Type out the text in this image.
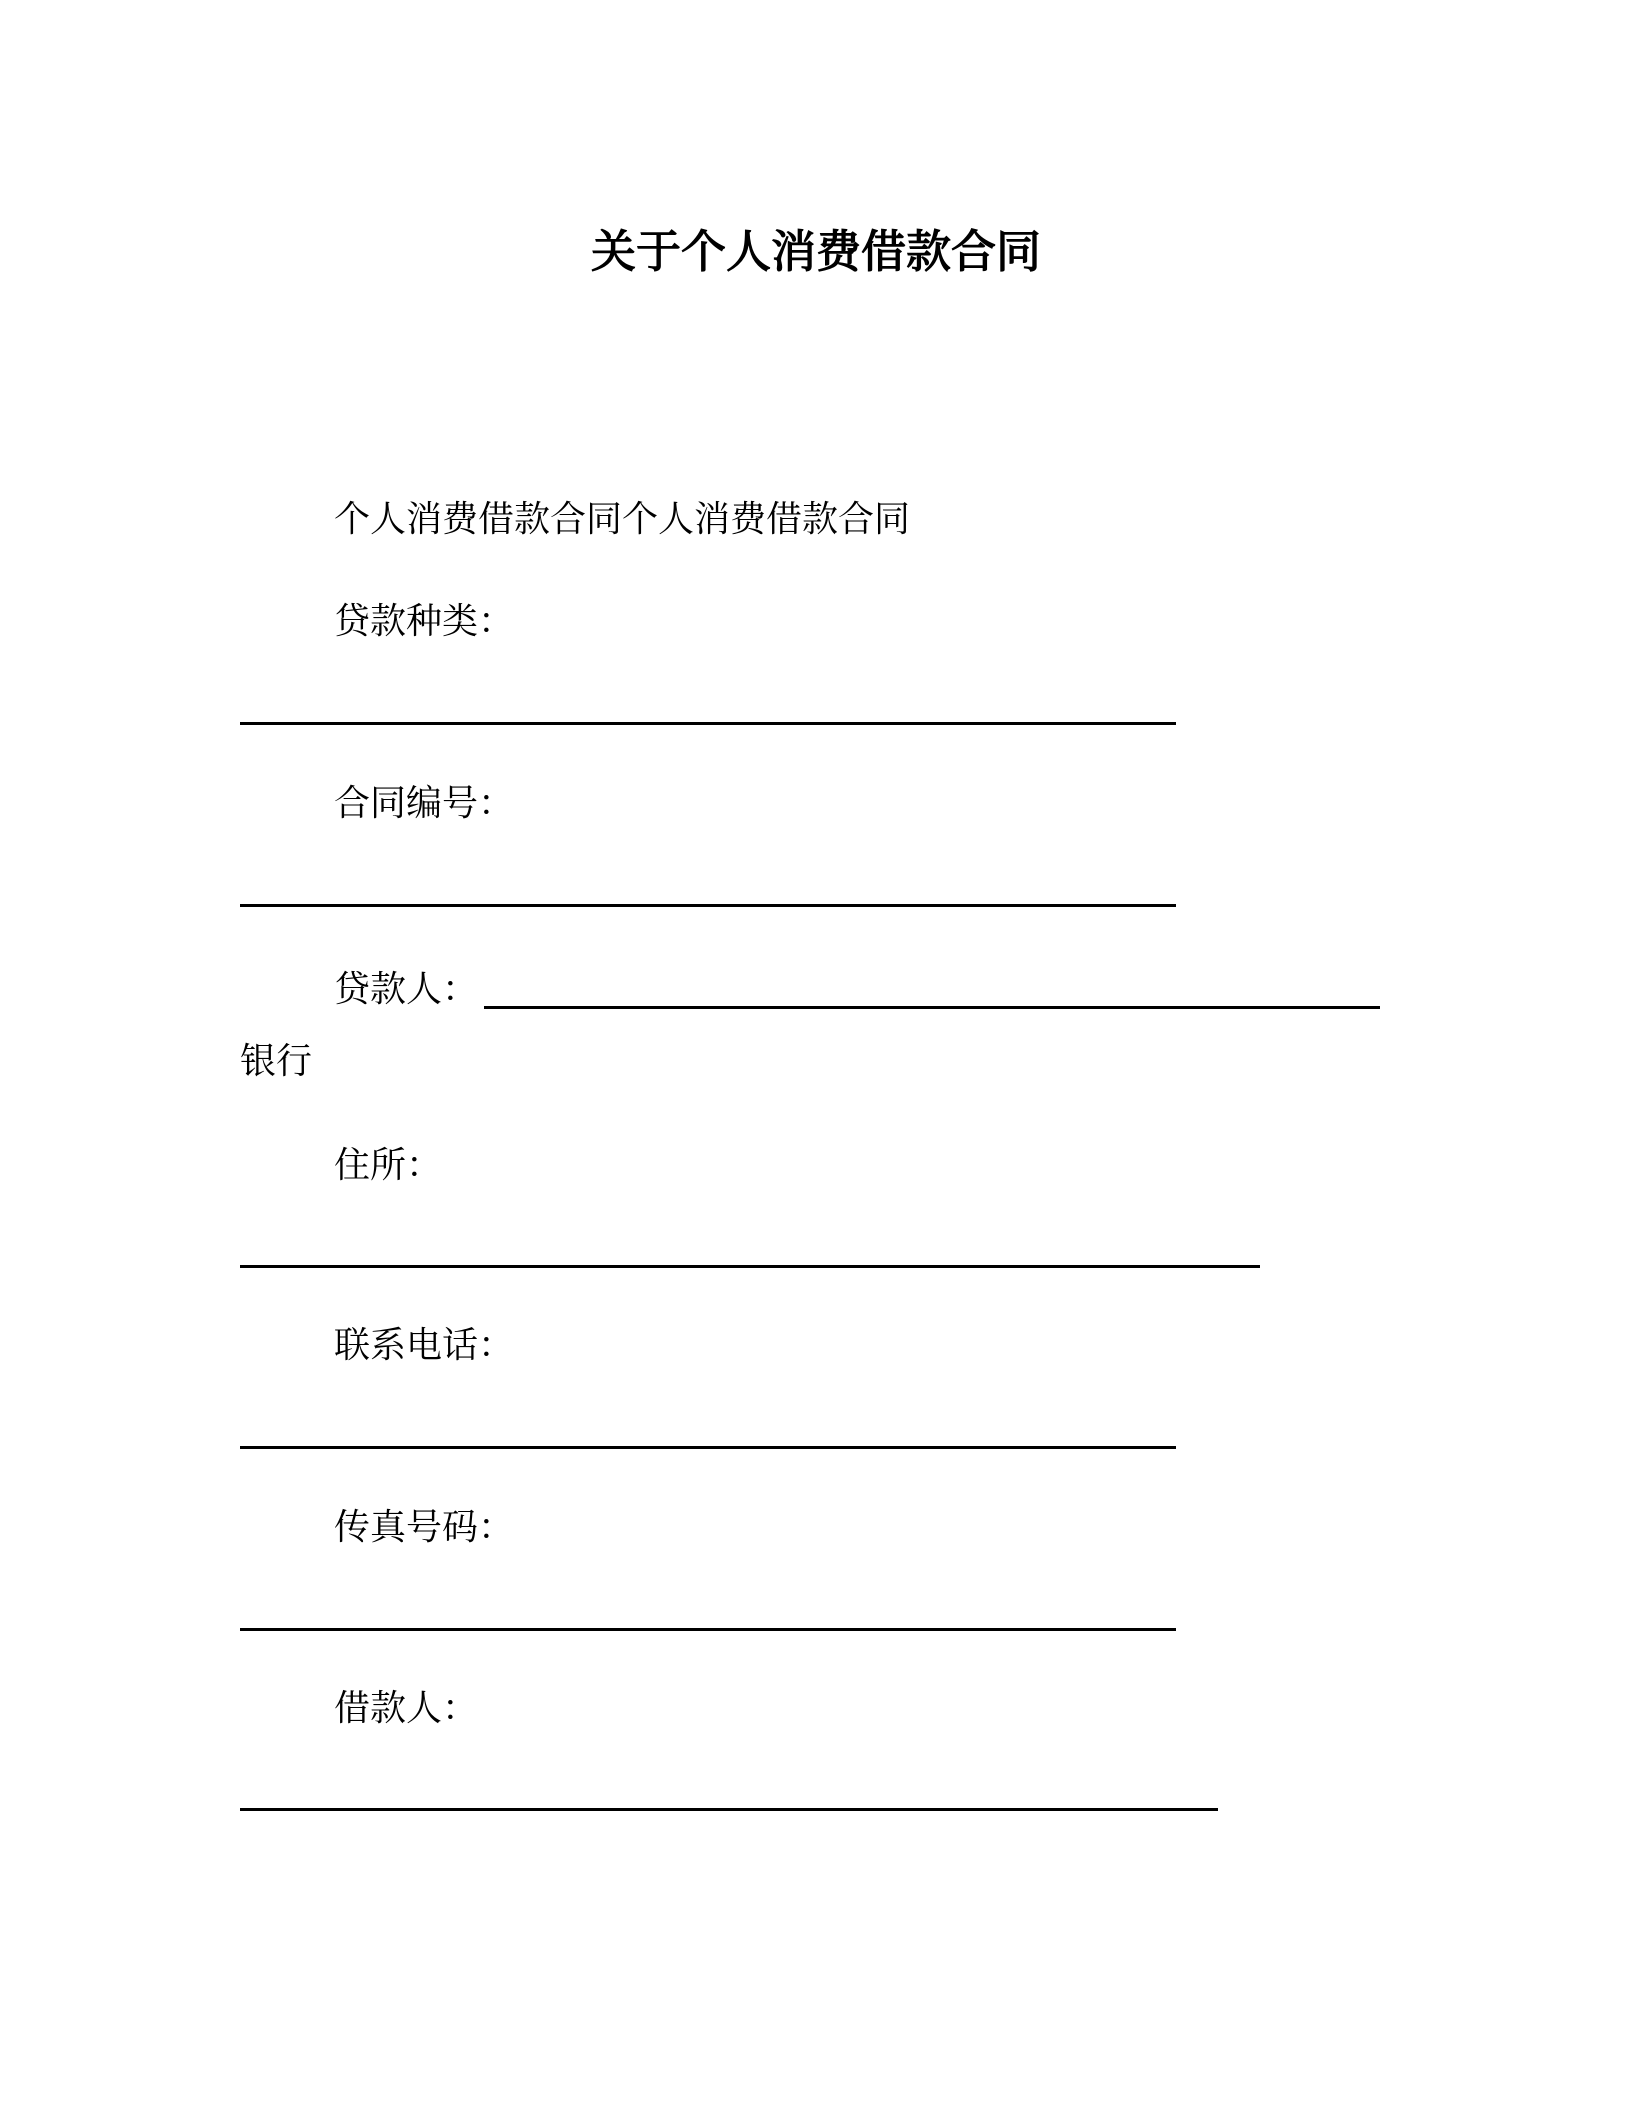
关于个人消费借款合同
个人消费借款合同个人消费借款合同
贷款种类：
合同编号：
贷款人：
银行
住所：
联系电话：
传真号码：
借款人：
